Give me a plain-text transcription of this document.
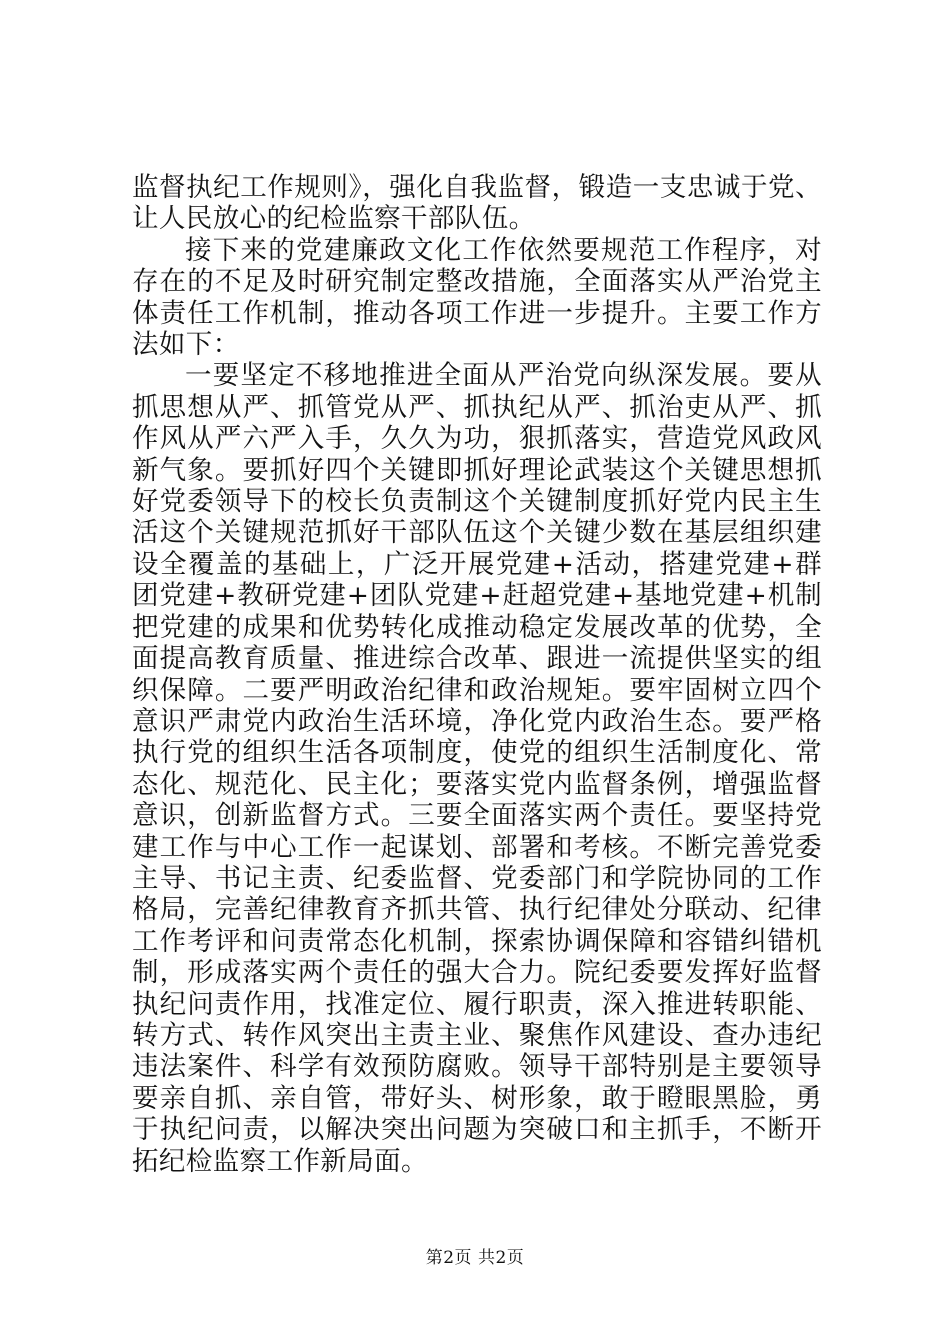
监督执纪工作规则》，强化自我监督，锻造一支忠诚于党、让人民放心的纪检监察干部队伍。

接下来的党建廉政文化工作依然要规范工作程序，对存在的不足及时研究制定整改措施，全面落实从严治党主体责任工作机制，推动各项工作进一步提升。主要工作方法如下：

一要坚定不移地推进全面从严治党向纵深发展。要从抓思想从严、抓管党从严、抓执纪从严、抓治吏从严、抓作风从严六严入手，久久为功，狠抓落实，营造党风政风新气象。要抓好四个关键即抓好理论武装这个关键思想抓好党委领导下的校长负责制这个关键制度抓好党内民主生活这个关键规范抓好干部队伍这个关键少数在基层组织建设全覆盖的基础上，广泛开展党建+活动，搭建党建+群团党建+教研党建+团队党建+赶超党建+基地党建+机制把党建的成果和优势转化成推动稳定发展改革的优势，全面提高教育质量、推进综合改革、跟进一流提供坚实的组织保障。二要严明政治纪律和政治规矩。要牢固树立四个意识严肃党内政治生活环境，净化党内政治生态。要严格执行党的组织生活各项制度，使党的组织生活制度化、常态化、规范化、民主化；要落实党内监督条例，增强监督意识，创新监督方式。三要全面落实两个责任。要坚持党建工作与中心工作一起谋划、部署和考核。不断完善党委主导、书记主责、纪委监督、党委部门和学院协同的工作格局，完善纪律教育齐抓共管、执行纪律处分联动、纪律工作考评和问责常态化机制，探索协调保障和容错纠错机制，形成落实两个责任的强大合力。院纪委要发挥好监督执纪问责作用，找准定位、履行职责，深入推进转职能、转方式、转作风突出主责主业、聚焦作风建设、查办违纪违法案件、科学有效预防腐败。领导干部特别是主要领导要亲自抓、亲自管，带好头、树形象，敢于瞪眼黑脸，勇于执纪问责，以解决突出问题为突破口和主抓手，不断开拓纪检监察工作新局面。

第2页 共2页
